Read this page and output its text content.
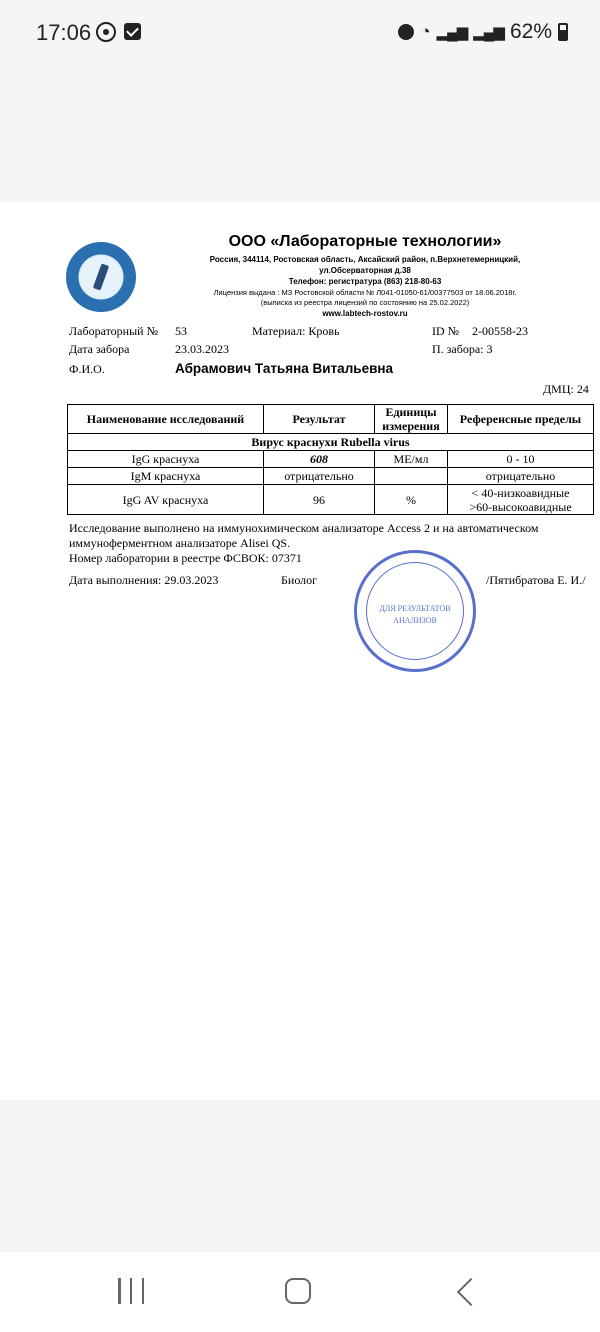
17:06	◔ ▂▄▆ ▂▄▆ 62%
ООО «Лабораторные технологии»
Россия, 344114, Ростовская область, Аксайский район, п.Верхнетемерницкий,
ул.Обсерваторная д.38
Телефон: регистратура (863) 218-80-63
Лицензия выдана : МЗ Ростовской области № Л041-01050-61/00377503 от 18.06.2018г.
(выписка из реестра лицензий по состоянию на 25.02.2022)
www.labtech-rostov.ru
Лабораторный № 53	Материал: Кровь	ID № 2-00558-23
Дата забора	23.03.2023	П. забора: 3
Ф.И.О.	Абрамович Татьяна Витальевна
ДМЦ: 24
Наименование исследований	Результат	Единицы измерения	Референсные пределы
Вирус краснухи Rubella virus			
IgG краснуха	608	МЕ/мл	0 - 10
IgM краснуха	отрицательно		отрицательно
IgG AV краснуха	96	%	< 40-низкоавидные
>60-высокоавидные
Исследование выполнено на иммунохимическом анализаторе Access 2 и на автоматическом
иммуноферментном анализаторе Alisei QS.
Номер лаборатории в реестре ФСВОК: 07371
Дата выполнения: 29.03.2023	Биолог	/Пятибратова Е. И./
ДЛЯ РЕЗУЛЬТАТОВ АНАЛИЗОВ
